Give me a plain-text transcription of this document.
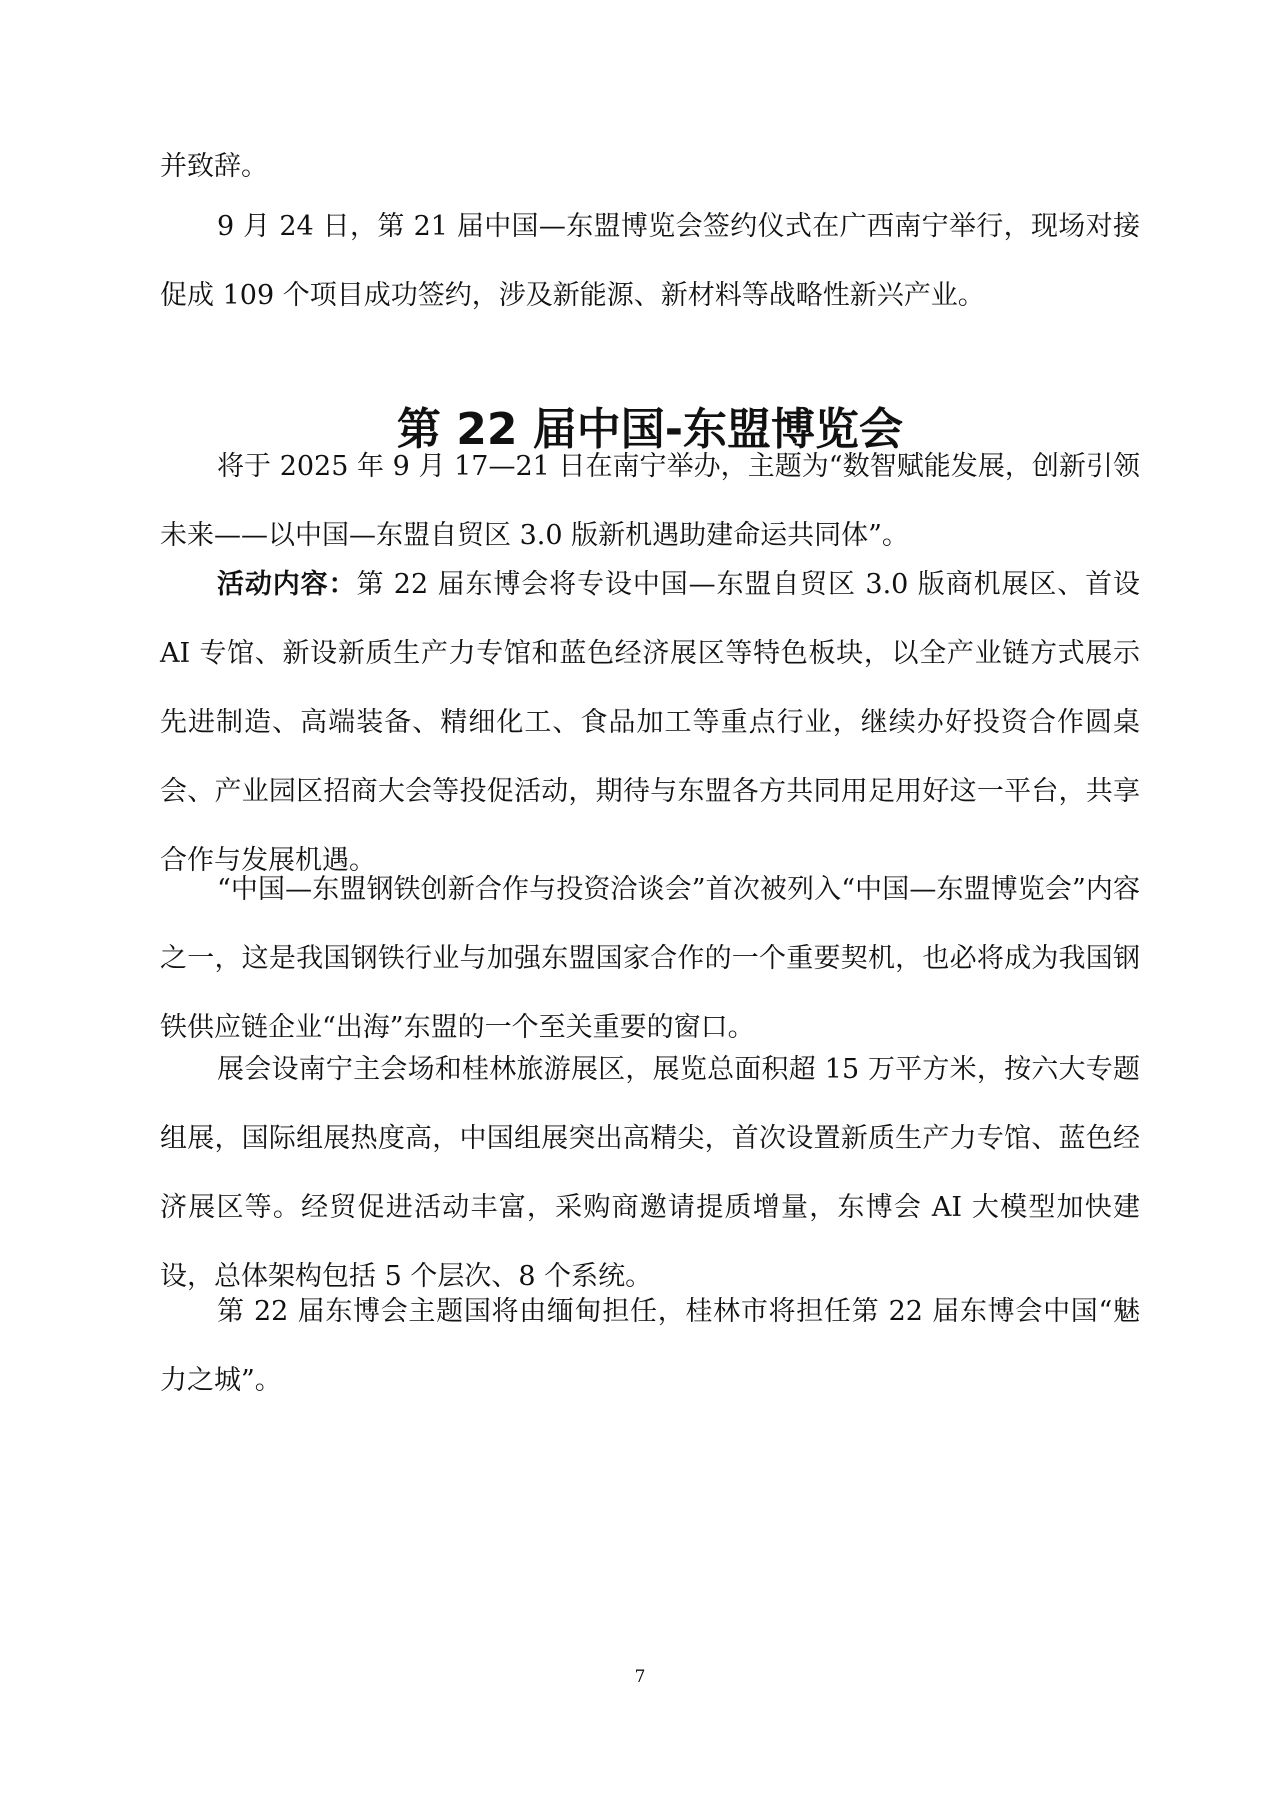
并致辞。

9 月 24 日，第 21 届中国—东盟博览会签约仪式在广西南宁举行，现场对接促成 109 个项目成功签约，涉及新能源、新材料等战略性新兴产业。

第 22 届中国-东盟博览会

将于 2025 年 9 月 17—21 日在南宁举办，主题为“数智赋能发展，创新引领未来——以中国—东盟自贸区 3.0 版新机遇助建命运共同体”。

活动内容：第 22 届东博会将专设中国—东盟自贸区 3.0 版商机展区、首设 AI 专馆、新设新质生产力专馆和蓝色经济展区等特色板块，以全产业链方式展示先进制造、高端装备、精细化工、食品加工等重点行业，继续办好投资合作圆桌会、产业园区招商大会等投促活动，期待与东盟各方共同用足用好这一平台，共享合作与发展机遇。

“中国—东盟钢铁创新合作与投资洽谈会”首次被列入“中国—东盟博览会”内容之一，这是我国钢铁行业与加强东盟国家合作的一个重要契机，也必将成为我国钢铁供应链企业“出海”东盟的一个至关重要的窗口。

展会设南宁主会场和桂林旅游展区，展览总面积超 15 万平方米，按六大专题组展，国际组展热度高，中国组展突出高精尖，首次设置新质生产力专馆、蓝色经济展区等。经贸促进活动丰富，采购商邀请提质增量，东博会 AI 大模型加快建设，总体架构包括 5 个层次、8 个系统。

第 22 届东博会主题国将由缅甸担任，桂林市将担任第 22 届东博会中国“魅力之城”。

7
